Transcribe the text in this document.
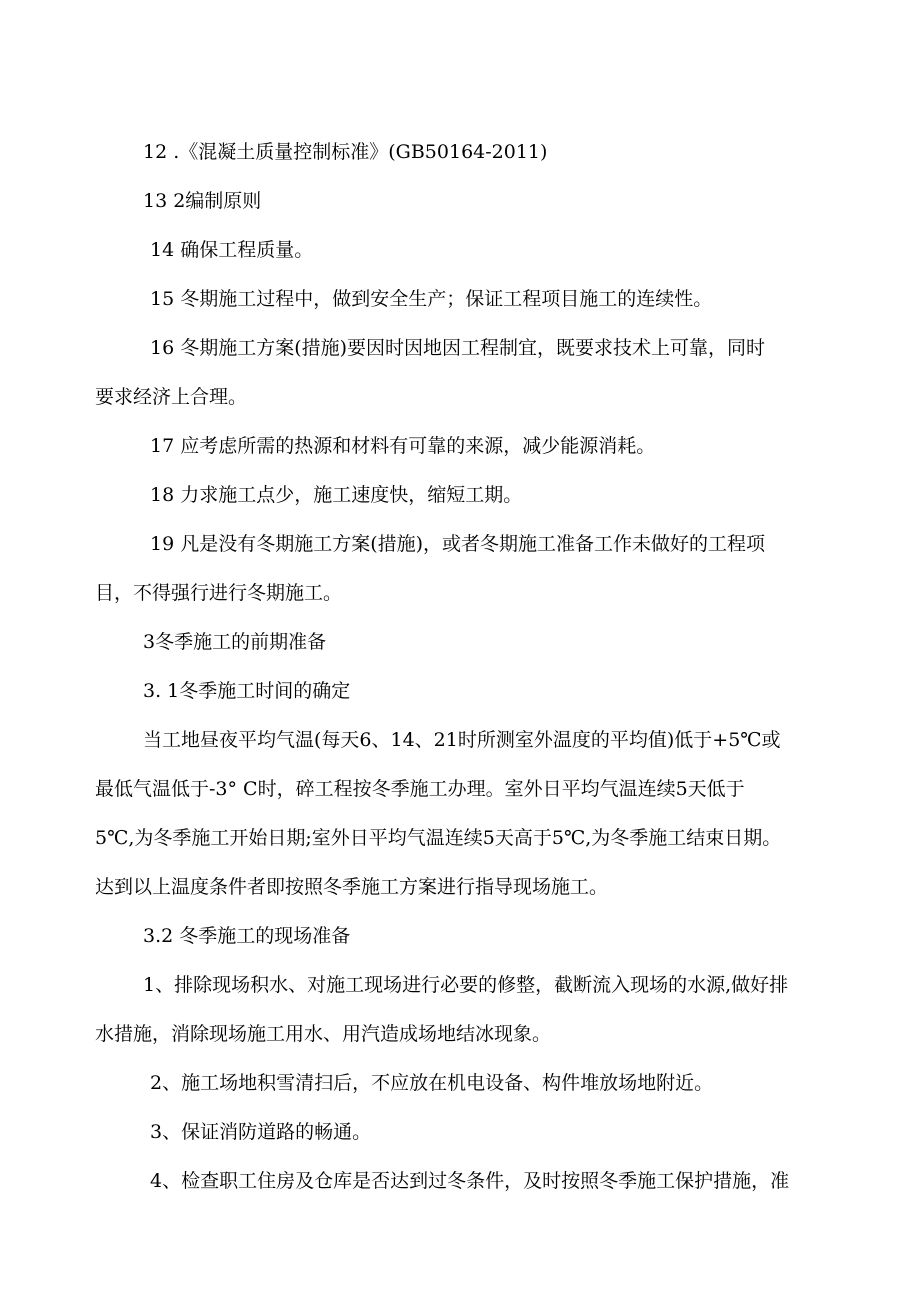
12 .《混凝土质量控制标准》(GB50164-2011)
13 2编制原则
14 确保工程质量。
15 冬期施工过程中，做到安全生产；保证工程项目施工的连续性。
16 冬期施工方案(措施)要因时因地因工程制宜，既要求技术上可靠，同时
要求经济上合理。
17 应考虑所需的热源和材料有可靠的来源，减少能源消耗。
18 力求施工点少，施工速度快，缩短工期。
19 凡是没有冬期施工方案(措施)，或者冬期施工准备工作未做好的工程项
目，不得强行进行冬期施工。
3冬季施工的前期准备
3. 1冬季施工时间的确定
当工地昼夜平均气温(每天6、14、21时所测室外温度的平均值)低于+5℃或
最低气温低于-3° C时，碎工程按冬季施工办理。室外日平均气温连续5天低于
5℃,为冬季施工开始日期;室外日平均气温连续5天高于5℃,为冬季施工结束日期。
达到以上温度条件者即按照冬季施工方案进行指导现场施工。
3.2 冬季施工的现场准备
1、排除现场积水、对施工现场进行必要的修整，截断流入现场的水源,做好排
水措施，消除现场施工用水、用汽造成场地结冰现象。
2、施工场地积雪清扫后，不应放在机电设备、构件堆放场地附近。
3、保证消防道路的畅通。
4、检查职工住房及仓库是否达到过冬条件，及时按照冬季施工保护措施，准
